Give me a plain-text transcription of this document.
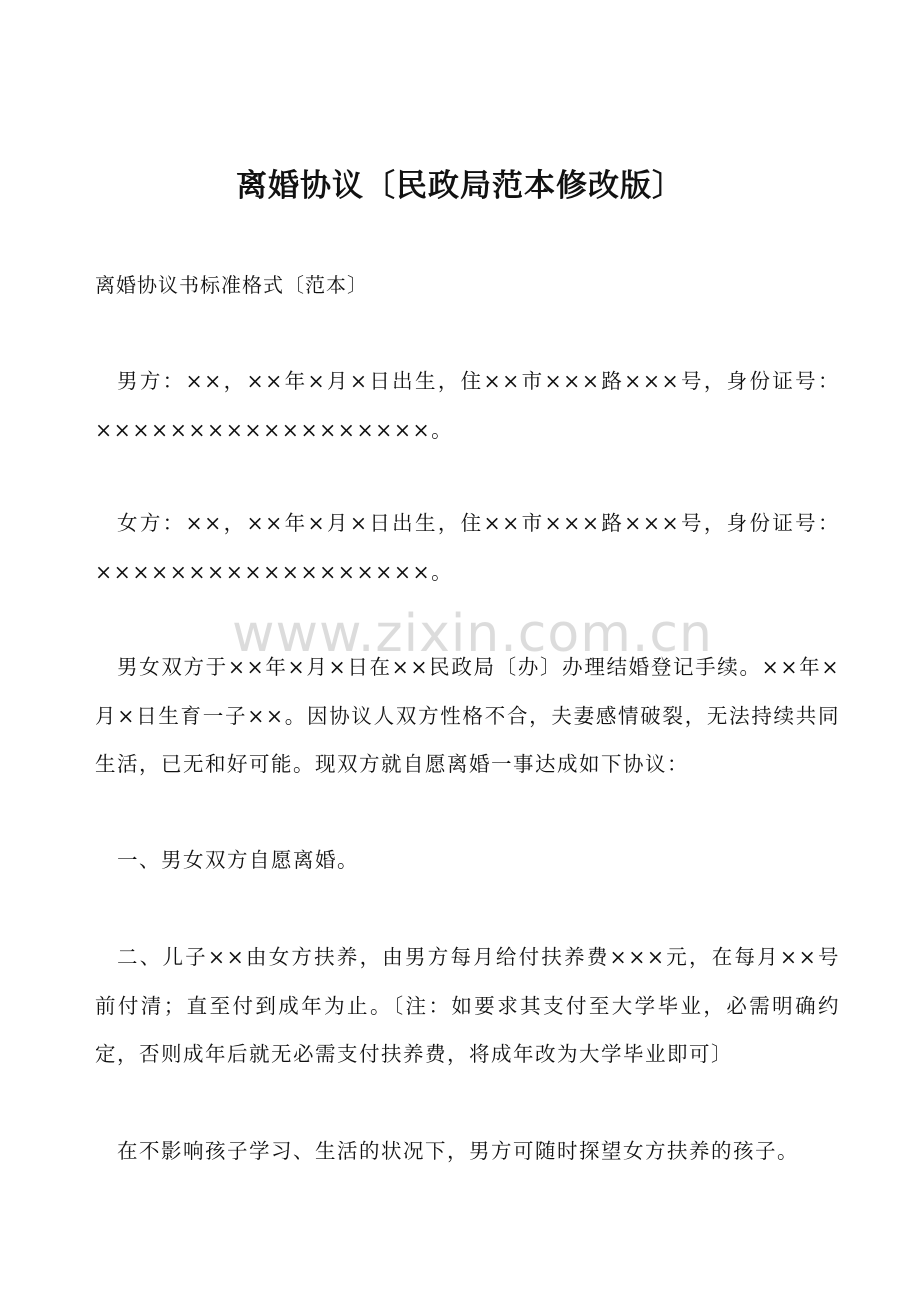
离婚协议〔民政局范本修改版〕
离婚协议书标准格式〔范本〕
男方：××，××年×月×日出生，住××市×××路×××号，身份证号：××××××××××××××××××。
女方：××，××年×月×日出生，住××市×××路×××号，身份证号：××××××××××××××××××。
www.zixin.com.cn
男女双方于××年×月×日在××民政局〔办〕办理结婚登记手续。××年×月×日生育一子××。因协议人双方性格不合，夫妻感情破裂，无法持续共同生活，已无和好可能。现双方就自愿离婚一事达成如下协议：
一、男女双方自愿离婚。
二、儿子××由女方扶养，由男方每月给付扶养费×××元，在每月××号前付清；直至付到成年为止。〔注：如要求其支付至大学毕业，必需明确约定，否则成年后就无必需支付扶养费，将成年改为大学毕业即可〕
在不影响孩子学习、生活的状况下，男方可随时探望女方扶养的孩子。
